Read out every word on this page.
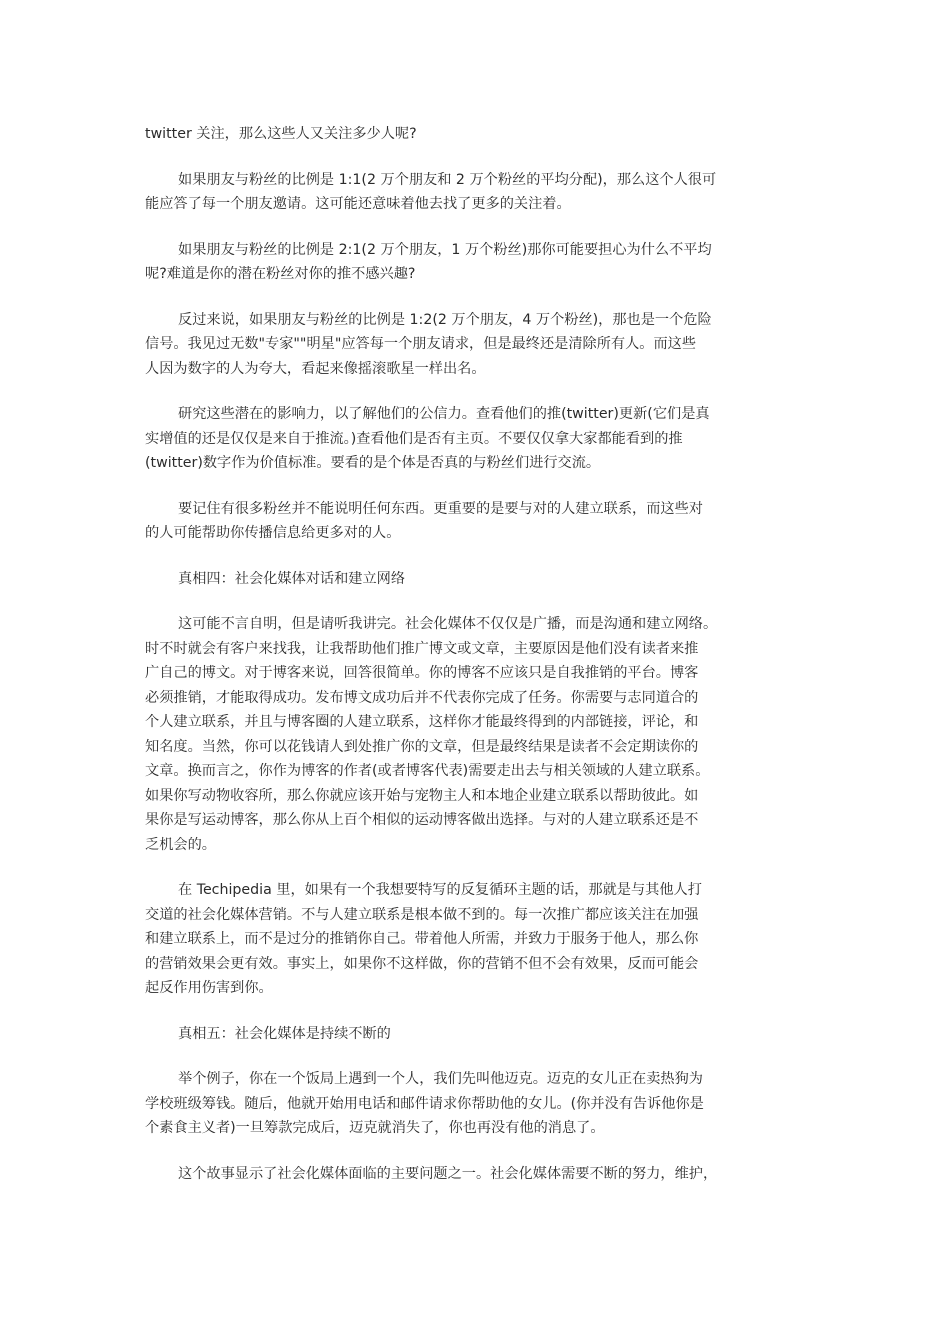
twitter 关注，那么这些人又关注多少人呢?
如果朋友与粉丝的比例是 1:1(2 万个朋友和 2 万个粉丝的平均分配)，那么这个人很可
能应答了每一个朋友邀请。这可能还意味着他去找了更多的关注着。
如果朋友与粉丝的比例是 2:1(2 万个朋友，1 万个粉丝)那你可能要担心为什么不平均
呢?难道是你的潜在粉丝对你的推不感兴趣?
反过来说，如果朋友与粉丝的比例是 1:2(2 万个朋友，4 万个粉丝)，那也是一个危险
信号。我见过无数"专家""明星"应答每一个朋友请求，但是最终还是清除所有人。而这些
人因为数字的人为夸大，看起来像摇滚歌星一样出名。
研究这些潜在的影响力，以了解他们的公信力。查看他们的推(twitter)更新(它们是真
实增值的还是仅仅是来自于推流。)查看他们是否有主页。不要仅仅拿大家都能看到的推
(twitter)数字作为价值标准。要看的是个体是否真的与粉丝们进行交流。
要记住有很多粉丝并不能说明任何东西。更重要的是要与对的人建立联系，而这些对
的人可能帮助你传播信息给更多对的人。
真相四：社会化媒体对话和建立网络
这可能不言自明，但是请听我讲完。社会化媒体不仅仅是广播，而是沟通和建立网络。
时不时就会有客户来找我，让我帮助他们推广博文或文章，主要原因是他们没有读者来推
广自己的博文。对于博客来说，回答很简单。你的博客不应该只是自我推销的平台。博客
必须推销，才能取得成功。发布博文成功后并不代表你完成了任务。你需要与志同道合的
个人建立联系，并且与博客圈的人建立联系，这样你才能最终得到的内部链接，评论，和
知名度。当然，你可以花钱请人到处推广你的文章，但是最终结果是读者不会定期读你的
文章。换而言之，你作为博客的作者(或者博客代表)需要走出去与相关领域的人建立联系。
如果你写动物收容所，那么你就应该开始与宠物主人和本地企业建立联系以帮助彼此。如
果你是写运动博客，那么你从上百个相似的运动博客做出选择。与对的人建立联系还是不
乏机会的。
在 Techipedia 里，如果有一个我想要特写的反复循环主题的话，那就是与其他人打
交道的社会化媒体营销。不与人建立联系是根本做不到的。每一次推广都应该关注在加强
和建立联系上，而不是过分的推销你自己。带着他人所需，并致力于服务于他人，那么你
的营销效果会更有效。事实上，如果你不这样做，你的营销不但不会有效果，反而可能会
起反作用伤害到你。
真相五：社会化媒体是持续不断的
举个例子，你在一个饭局上遇到一个人，我们先叫他迈克。迈克的女儿正在卖热狗为
学校班级筹钱。随后，他就开始用电话和邮件请求你帮助他的女儿。(你并没有告诉他你是
个素食主义者)一旦筹款完成后，迈克就消失了，你也再没有他的消息了。
这个故事显示了社会化媒体面临的主要问题之一。社会化媒体需要不断的努力，维护，
